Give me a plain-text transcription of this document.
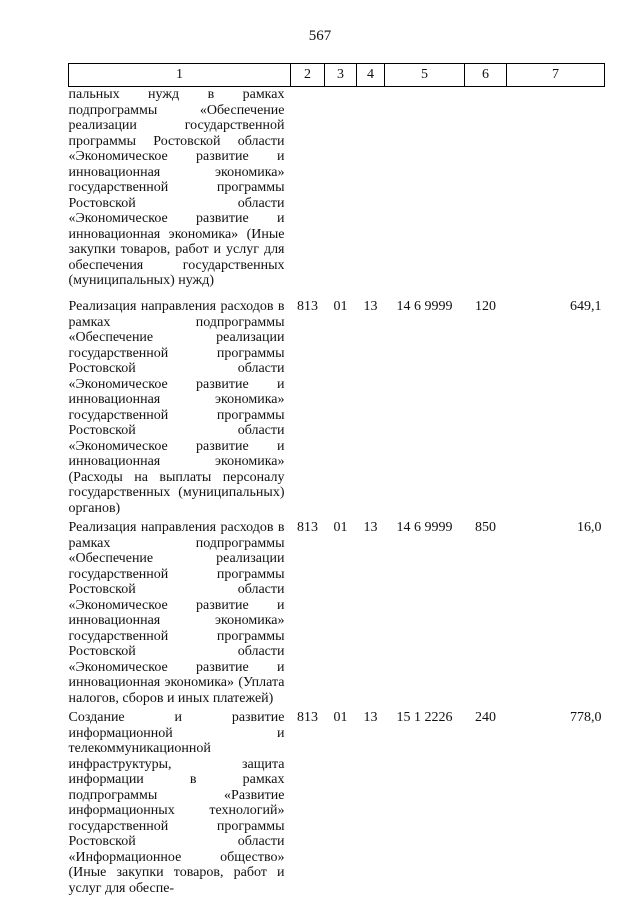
567
1	2	3	4	5	6	7
пальных нужд в рамках подпрограммы «Обеспечение реализации государственной программы Ростовской области «Экономическое развитие и инновационная экономика» государственной программы Ростовской области «Экономическое развитие и инновационная экономика» (Иные закупки товаров, работ и услуг для обеспечения государственных (муниципальных) нужд)						
Реализация направления расходов в рамках подпрограммы «Обеспечение реализации государственной программы Ростовской области «Экономическое развитие и инновационная экономика» государственной программы Ростовской области «Экономическое развитие и инновационная экономика» (Расходы на выплаты персоналу государственных (муниципальных) органов)	813	01	13	14 6 9999	120	649,1
Реализация направления расходов в рамках подпрограммы «Обеспечение реализации государственной программы Ростовской области «Экономическое развитие и инновационная экономика» государственной программы Ростовской области «Экономическое развитие и инновационная экономика» (Уплата налогов, сборов и иных платежей)	813	01	13	14 6 9999	850	16,0
Создание и развитие информационной и телекоммуникационной инфраструктуры, защита информации в рамках подпрограммы «Развитие информационных технологий» государственной программы Ростовской области «Информационное общество» (Иные закупки товаров, работ и услуг для обеспе-	813	01	13	15 1 2226	240	778,0
